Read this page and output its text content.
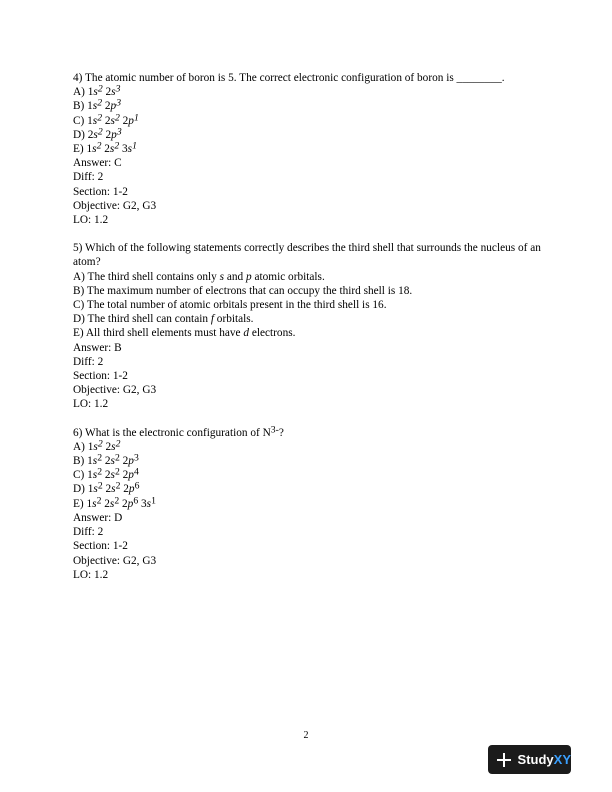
4) The atomic number of boron is 5. The correct electronic configuration of boron is ________.
A) 1s2 2s3
B) 1s2 2p3
C) 1s2 2s2 2p1
D) 2s2 2p3
E) 1s2 2s2 3s1
Answer: C
Diff: 2
Section: 1-2
Objective: G2, G3
LO: 1.2
5) Which of the following statements correctly describes the third shell that surrounds the nucleus of an atom?
A) The third shell contains only s and p atomic orbitals.
B) The maximum number of electrons that can occupy the third shell is 18.
C) The total number of atomic orbitals present in the third shell is 16.
D) The third shell can contain f orbitals.
E) All third shell elements must have d electrons.
Answer: B
Diff: 2
Section: 1-2
Objective: G2, G3
LO: 1.2
6) What is the electronic configuration of N3-?
A) 1s2 2s2
B) 1s2 2s2 2p3
C) 1s2 2s2 2p4
D) 1s2 2s2 2p6
E) 1s2 2s2 2p6 3s1
Answer: D
Diff: 2
Section: 1-2
Objective: G2, G3
LO: 1.2
2
Study XY
